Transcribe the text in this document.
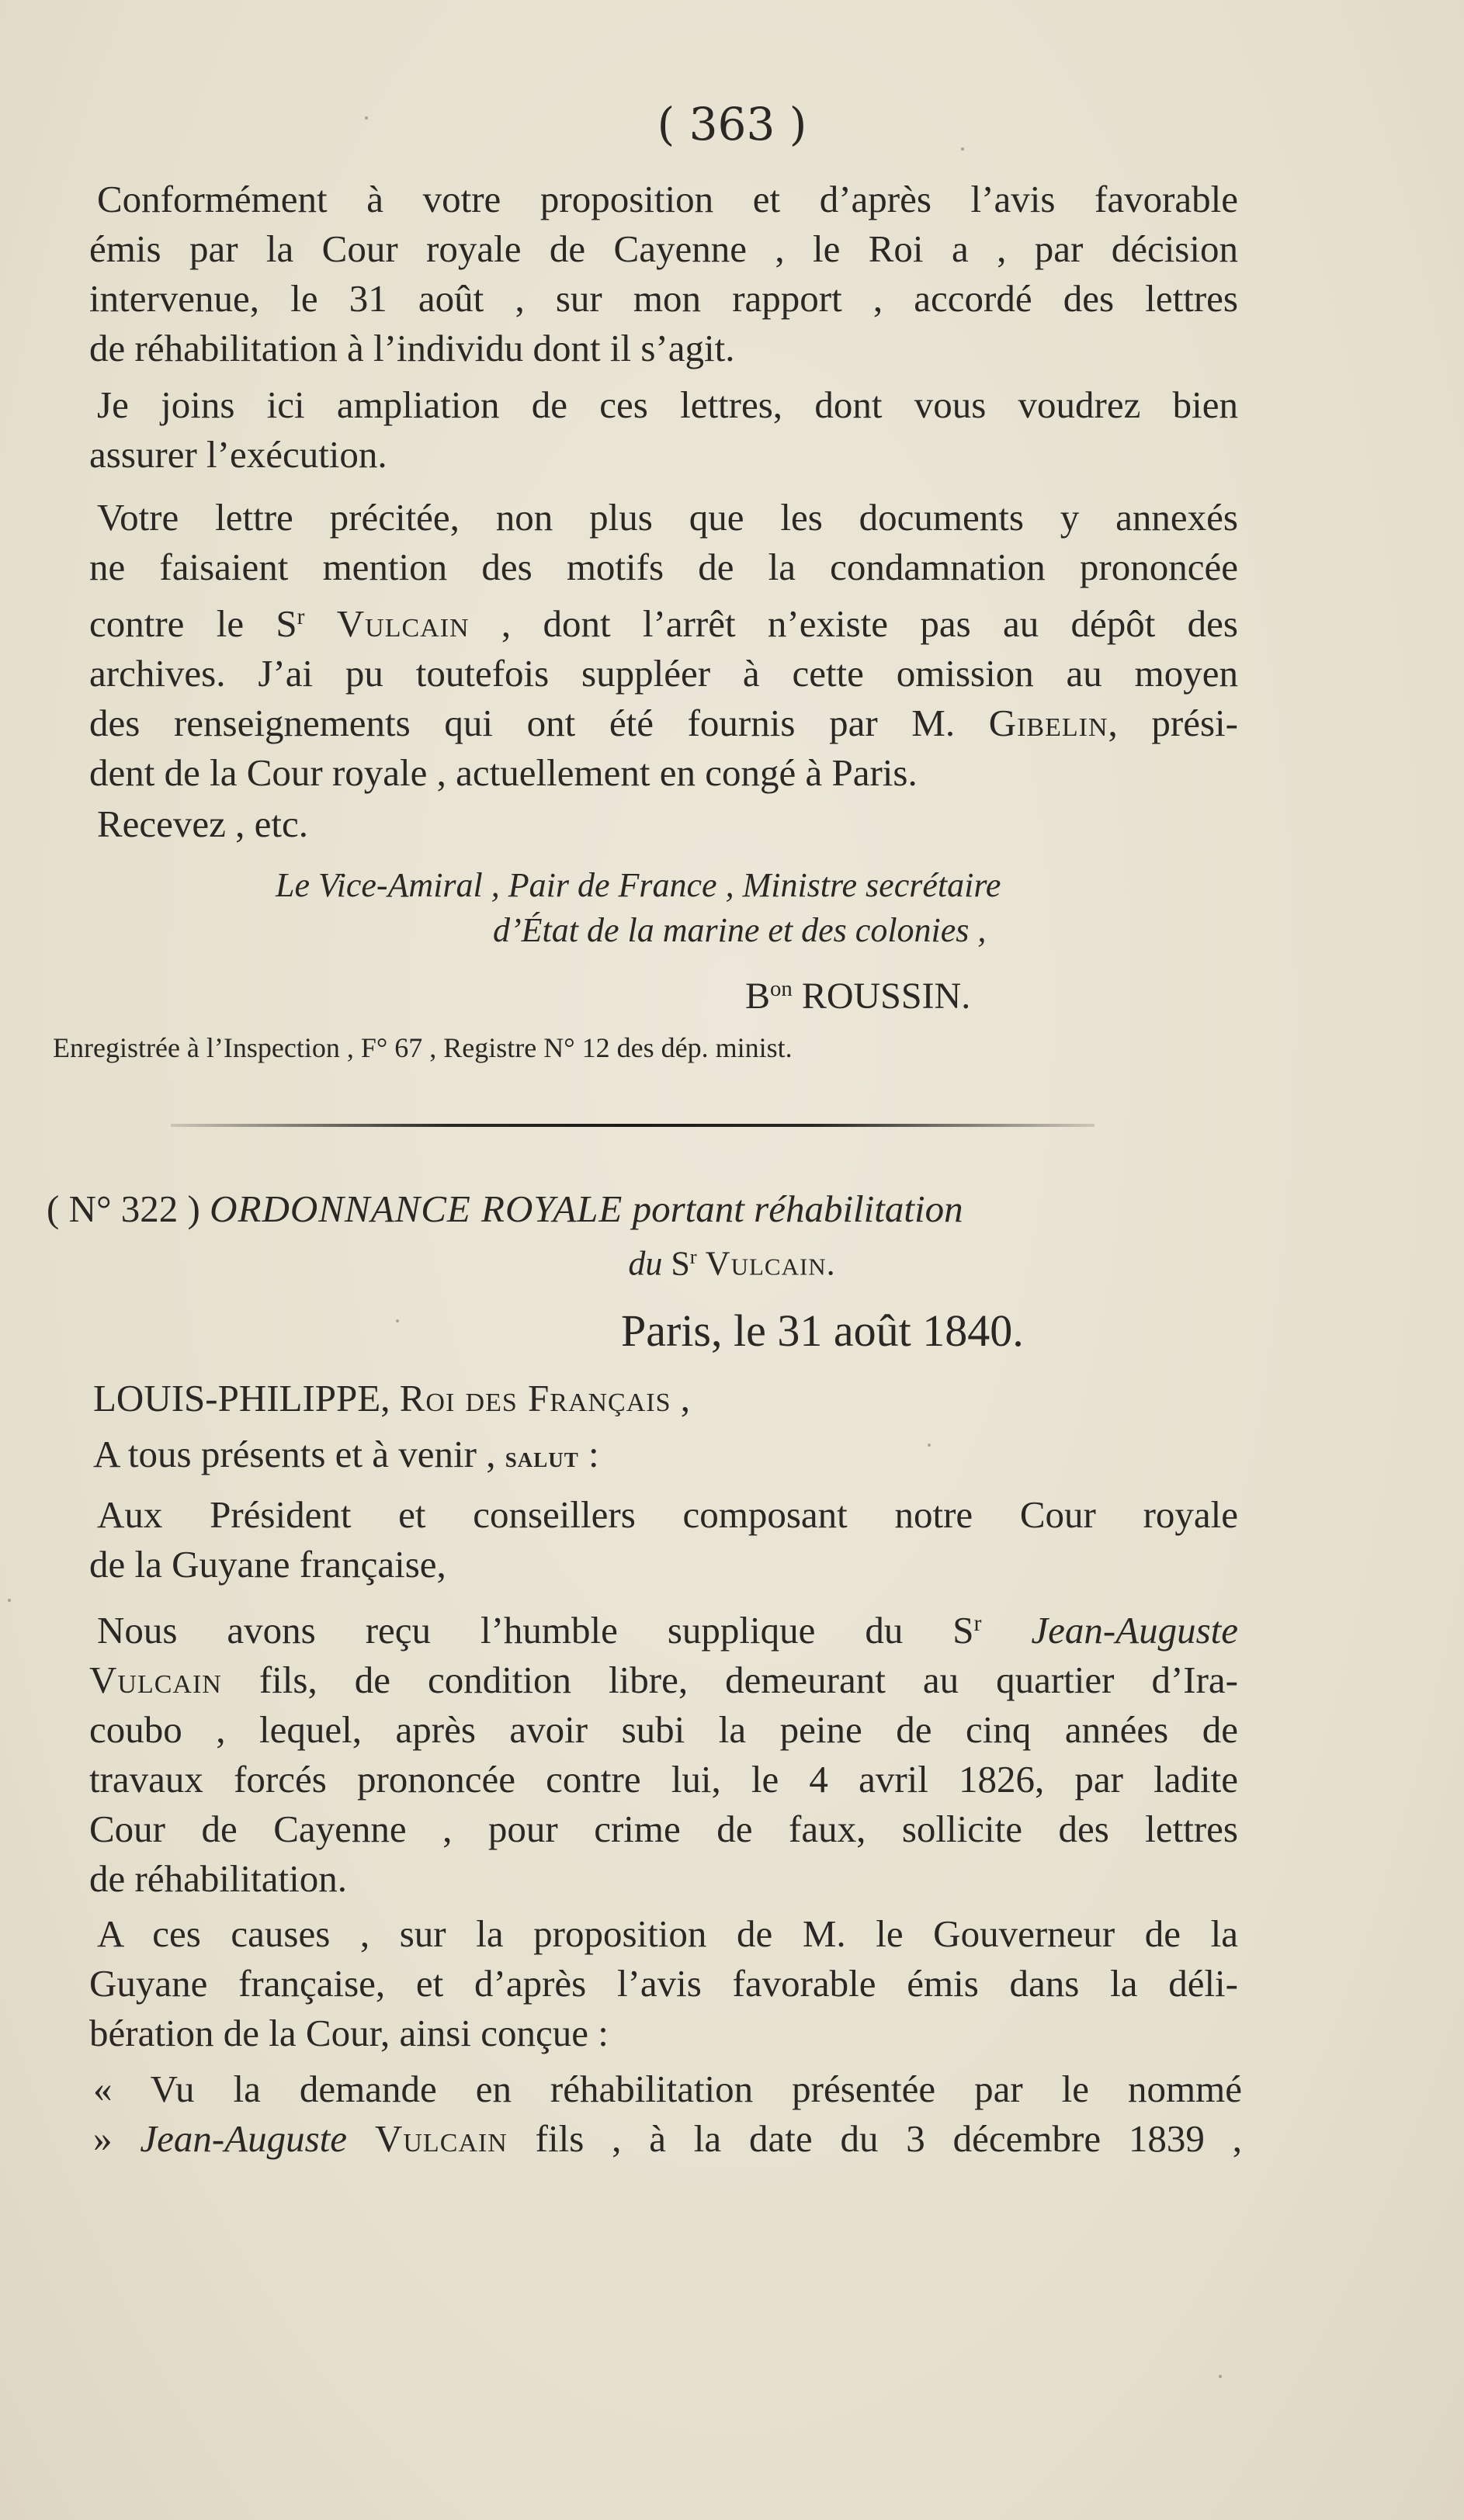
( 363 )
Conformément à votre proposition et d’après l’avis favorable
émis par la Cour royale de Cayenne , le Roi a , par décision
intervenue, le 31 août , sur mon rapport , accordé des lettres
de réhabilitation à l’individu dont il s’agit.
Je joins ici ampliation de ces lettres, dont vous voudrez bien
assurer l’exécution.
Votre lettre précitée, non plus que les documents y annexés
ne faisaient mention des motifs de la condamnation prononcée
contre le $S^r$ Vulcain , dont l’arrêt n’existe pas au dépôt des
archives. J’ai pu toutefois suppléer à cette omission au moyen
des renseignements qui ont été fournis par M. Gibelin, prési-
dent de la Cour royale , actuellement en congé à Paris.
Recevez , etc.
Le Vice-Amiral , Pair de France , Ministre secrétaire
d’État de la marine et des colonies ,
$B^{on}$ ROUSSIN.
Enregistrée à l’Inspection , F° 67 , Registre N° 12 des dép. minist.
( N° 322 ) ORDONNANCE ROYALE portant réhabilitation
du $S^r$ Vulcain.
Paris, le 31 août 1840.
LOUIS-PHILIPPE, Roi des Français ,
A tous présents et à venir , salut :
Aux Président et conseillers composant notre Cour royale
de la Guyane française,
Nous avons reçu l’humble supplique du $S^r$ Jean-Auguste
Vulcain fils, de condition libre, demeurant au quartier d’Ira-
coubo , lequel, après avoir subi la peine de cinq années de
travaux forcés prononcée contre lui, le 4 avril 1826, par ladite
Cour de Cayenne , pour crime de faux, sollicite des lettres
de réhabilitation.
A ces causes , sur la proposition de M. le Gouverneur de la
Guyane française, et d’après l’avis favorable émis dans la déli-
bération de la Cour, ainsi conçue :
« Vu la demande en réhabilitation présentée par le nommé
» Jean-Auguste Vulcain fils , à la date du 3 décembre 1839 ,
